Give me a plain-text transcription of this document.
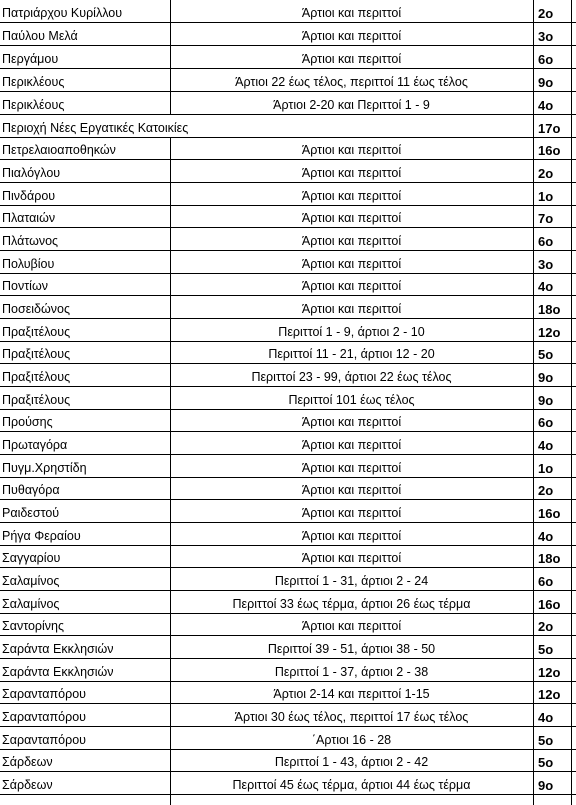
Πατριάρχου Κυρίλλου	Άρτιοι και περιττοί	2ο
Παύλου Μελά	Άρτιοι και περιττοί	3ο
Περγάμου	Άρτιοι και περιττοί	6ο
Περικλέους	Άρτιοι 22 έως τέλος, περιττοί 11 έως τέλος	9ο
Περικλέους	Άρτιοι 2-20 και Περιττοί 1 - 9	4ο
Περιοχή Νέες Εργατικές Κατοικίες	17ο
Πετρελαιοαποθηκών	Άρτιοι και περιττοί	16ο
Πιαλόγλου	Άρτιοι και περιττοί	2ο
Πινδάρου	Άρτιοι και περιττοί	1ο
Πλαταιών	Άρτιοι και περιττοί	7ο
Πλάτωνος	Άρτιοι και περιττοί	6ο
Πολυβίου	Άρτιοι και περιττοί	3ο
Ποντίων	Άρτιοι και περιττοί	4ο
Ποσειδώνος	Άρτιοι και περιττοί	18ο
Πραξιτέλους	Περιττοί 1 - 9, άρτιοι 2 - 10	12ο
Πραξιτέλους	Περιττοί 11 - 21, άρτιοι 12 - 20	5ο
Πραξιτέλους	Περιττοί 23 - 99, άρτιοι 22 έως τέλος	9ο
Πραξιτέλους	Περιττοί 101 έως τέλος	9ο
Προύσης	Άρτιοι και περιττοί	6ο
Πρωταγόρα	Άρτιοι και περιττοί	4ο
Πυγμ.Χρηστίδη	Άρτιοι και περιττοί	1ο
Πυθαγόρα	Άρτιοι και περιττοί	2ο
Ραιδεστού	Άρτιοι και περιττοί	16ο
Ρήγα Φεραίου	Άρτιοι και περιττοί	4ο
Σαγγαρίου	Άρτιοι και περιττοί	18ο
Σαλαμίνος	Περιττοί 1 - 31, άρτιοι 2 - 24	6ο
Σαλαμίνος	Περιττοί 33 έως τέρμα, άρτιοι 26 έως τέρμα	16ο
Σαντορίνης	Άρτιοι και περιττοί	2ο
Σαράντα Εκκλησιών	Περιττοί 39 - 51, άρτιοι 38 - 50	5ο
Σαράντα Εκκλησιών	Περιττοί 1 - 37, άρτιοι 2 - 38	12ο
Σαρανταπόρου	Άρτιοι 2-14 και περιττοί 1-15	12ο
Σαρανταπόρου	Άρτιοι 30 έως τέλος, περιττοί 17 έως τέλος	4ο
Σαρανταπόρου	΄Αρτιοι 16 - 28	5ο
Σάρδεων	Περιττοί 1 - 43, άρτιοι 2 - 42	5ο
Σάρδεων	Περιττοί 45 έως τέρμα, άρτιοι 44 έως τέρμα	9ο
